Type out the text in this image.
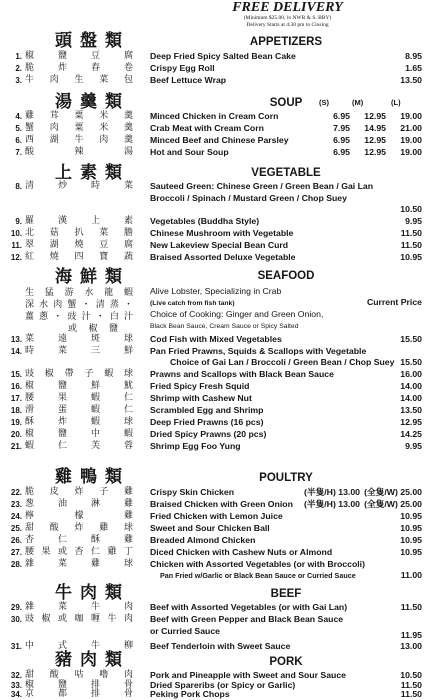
FREE DELIVERY
(Minimum $25.00, in NWR & S. BBY)
Delivery Starts at 4:30 pm to Closing
頭盤類	APPETIZERS
1. 椒鹽豆腐 Deep Fried Spicy Salted Bean Cake	8.95
2. 脆炸春卷 Crispy Egg Roll	1.65
3. 牛肉生菜包 Beef Lettuce Wrap	13.50
湯羹類	SOUP	(S)	(M)	(L)
4. 雞茸粟米羹 Minced Chicken in Cream Corn	6.95 12.95 19.00
5. 蟹肉粟米羹 Crab Meat with Cream Corn	7.95 14.95 21.00
6. 西湖牛肉羹 Minced Beef and Chinese Parsley	6.95 12.95 19.00
7. 酸辣湯 Hot and Sour Soup	6.95 12.95 19.00
上素類	VEGETABLE
8. 清炒時菜 Sauteed Green: Chinese Green / Green Bean / Gai Lan
Broccoli / Spinach / Mustard Green / Chop Suey
10.50
9. 羅漢上素 Vegetables (Buddha Style)	9.95
10. 北菇扒菜膽 Chinese Mushroom with Vegetable	11.50
11. 翠湖燒豆腐 New Lakeview Special Bean Curd	11.50
12. 紅燒四寶蔬 Braised Assorted Deluxe Vegetable	10.95
海鮮類	SEAFOOD
生猛游水龍蝦
深水肉蟹・清蒸・
薑蔥・豉汁・白汁
或椒鹽
Alive Lobster, Specializing in Crab
(Live catch from fish tank)	Current Price
Choice of Cooking: Ginger and Green Onion,
Black Bean Sauce, Cream Sauce or Spicy Salted
13. 菜遠斑球 Cod Fish with Mixed Vegetables	15.50
14. 時菜三鮮 Pan Fried Prawns, Squids & Scallops with Vegetable
Choice of Gai Lan / Broccoli / Green Bean / Chop Suey 15.50
15. 豉椒帶子蝦球 Prawns and Scallops with Black Bean Sauce	16.00
16. 椒鹽鮮魷 Fried Spicy Fresh Squid	14.00
17. 腰果蝦仁 Shrimp with Cashew Nut	14.00
18. 滑蛋蝦仁 Scrambled Egg and Shrimp	13.50
19. 酥炸蝦球 Deep Fried Prawns (16 pcs)	12.95
20. 椒鹽中蝦 Dried Spicy Prawns (20 pcs)	14.25
21. 蝦仁芙蓉 Shrimp Egg Foo Yung	9.95
雞鴨類	POULTRY
22. 脆皮炸子雞 Crispy Skin Chicken	(半隻/H) 13.00 (全隻/W) 25.00
23. 葱油淋雞 Braised Chicken with Green Onion (半隻/H) 13.00 (全隻/W) 25.00
24. 檸檬雞 Fried Chicken with Lemon Juice	10.95
25. 甜酸炸雞球 Sweet and Sour Chicken Ball	10.95
26. 杏仁酥雞 Breaded Almond Chicken	10.95
27. 腰果或杏仁雞丁 Diced Chicken with Cashew Nuts or Almond	10.95
28. 雜菜雞球 Chicken with Assorted Vegetables (or with Broccoli)
Pan Fried w/Garlic or Black Bean Sauce or Curried Sauce	11.00
牛肉類	BEEF
29. 雜菜牛肉 Beef with Assorted Vegetables (or with Gai Lan)	11.50
30. 豉椒或咖喱牛肉 Beef with Green Pepper and Black Bean Sauce
or Curried Sauce	11.95
31. 中式牛柳 Beef Tenderloin with Sweet Sauce	13.00
豬肉類	PORK
32. 甜酸咕嚕肉 Pork and Pineapple with Sweet and Sour Sauce	10.50
33. 椒鹽排骨 Dried Spareribs (or Spicy or Garlic)	11.50
34. 京都排骨 Peking Pork Chops	11.50
